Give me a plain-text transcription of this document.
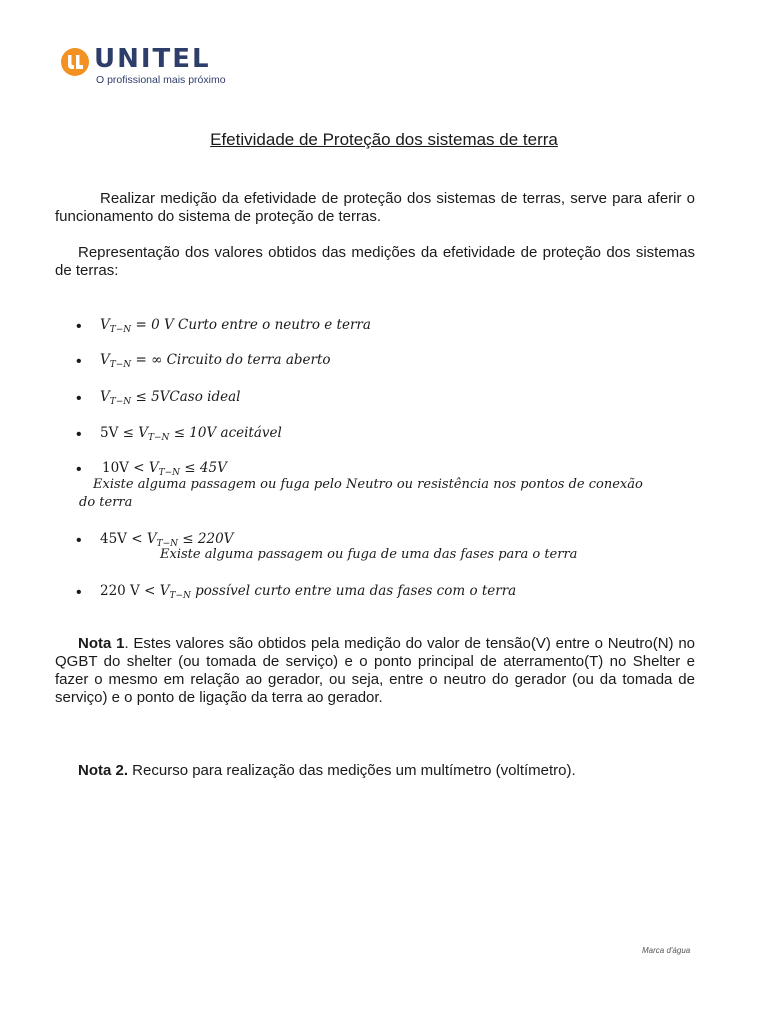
UNITEL
O profissional mais próximo
Efetividade de Proteção dos sistemas de terra
Realizar medição da efetividade de proteção dos sistemas de terras, serve para aferir o funcionamento do sistema de proteção de terras.
Representação dos valores obtidos das medições da efetividade de proteção dos sistemas de terras:
• $V_{T-N} = 0$ V Curto entre o neutro e terra
• $V_{T-N}$ = ∞ Circuito do terra aberto
• $V_{T-N}$ ≤ 5VCaso ideal
• $5V \le V_{T-N} \le 10V$ aceitável
• $10V < V_{T-N} \le 45V$
Existe alguma passagem ou fuga pelo Neutro ou resistência nos pontos de conexão
do terra
• $45V < V_{T-N} \le 220V$
Existe alguma passagem ou fuga de uma das fases para o terra
• 220 $V < V_{T-N}$ possível curto entre uma das fases com o terra
Nota 1. Estes valores são obtidos pela medição do valor de tensão(V) entre o Neutro(N) no QGBT do shelter (ou tomada de serviço) e o ponto principal de aterramento(T) no Shelter e fazer o mesmo em relação ao gerador, ou seja, entre o neutro do gerador (ou da tomada de serviço) e o ponto de ligação da terra ao gerador.
Nota 2. Recurso para realização das medições um multímetro (voltímetro).
Marca d'água
